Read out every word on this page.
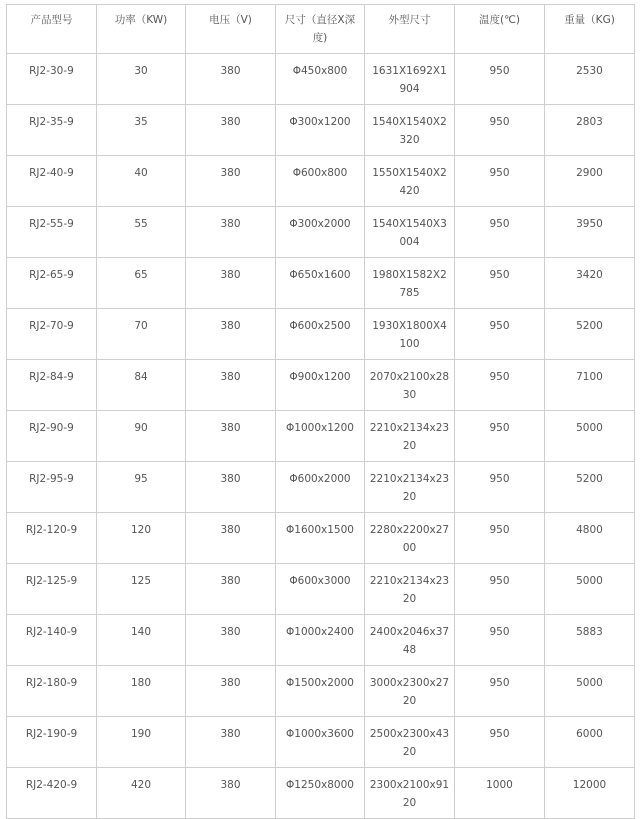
产品型号	功率（KW)	电压（V)	尺寸（直径X深度)	外型尺寸	温度(℃)	重量（KG)
RJ2-30-9	30	380	Φ450x800	1631X1692X1904	950	2530
RJ2-35-9	35	380	Φ300x1200	1540X1540X2320	950	2803
RJ2-40-9	40	380	Φ600x800	1550X1540X2420	950	2900
RJ2-55-9	55	380	Φ300x2000	1540X1540X3004	950	3950
RJ2-65-9	65	380	Φ650x1600	1980X1582X2785	950	3420
RJ2-70-9	70	380	Φ600x2500	1930X1800X4100	950	5200
RJ2-84-9	84	380	Φ900x1200	2070x2100x2830	950	7100
RJ2-90-9	90	380	Φ1000x1200	2210x2134x2320	950	5000
RJ2-95-9	95	380	Φ600x2000	2210x2134x2320	950	5200
RJ2-120-9	120	380	Φ1600x1500	2280x2200x2700	950	4800
RJ2-125-9	125	380	Φ600x3000	2210x2134x2320	950	5000
RJ2-140-9	140	380	Φ1000x2400	2400x2046x3748	950	5883
RJ2-180-9	180	380	Φ1500x2000	3000x2300x2720	950	5000
RJ2-190-9	190	380	Φ1000x3600	2500x2300x4320	950	6000
RJ2-420-9	420	380	Φ1250x8000	2300x2100x9120	1000	12000
